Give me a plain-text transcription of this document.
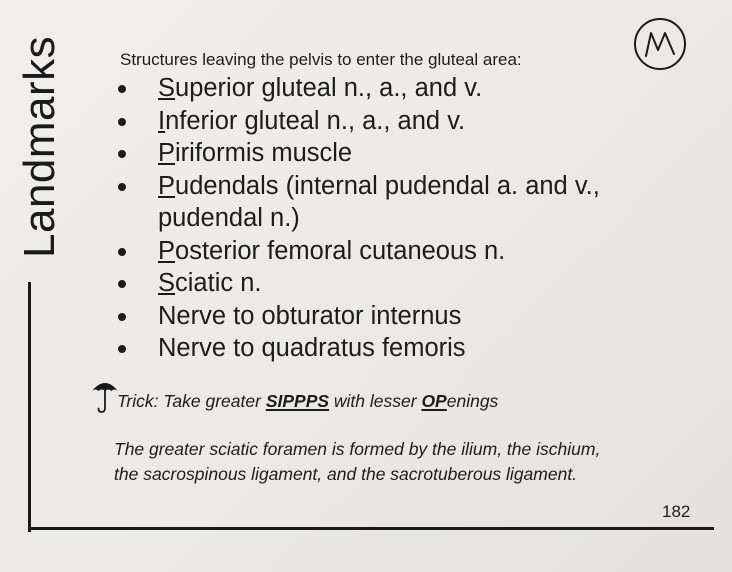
Landmarks	Structures leaving the pelvis to enter the gluteal area:
Superior gluteal n., a., and v.
Inferior gluteal n., a., and v.
Piriformis muscle
Pudendals (internal pudendal a. and v., pudendal n.)
Posterior femoral cutaneous n.
Sciatic n.
Nerve to obturator internus
Nerve to quadratus femoris
Trick: Take greater SIPPPS with lesser OPenings
The greater sciatic foramen is formed by the ilium, the ischium, the sacrospinous ligament, and the sacrotuberous ligament.
182
